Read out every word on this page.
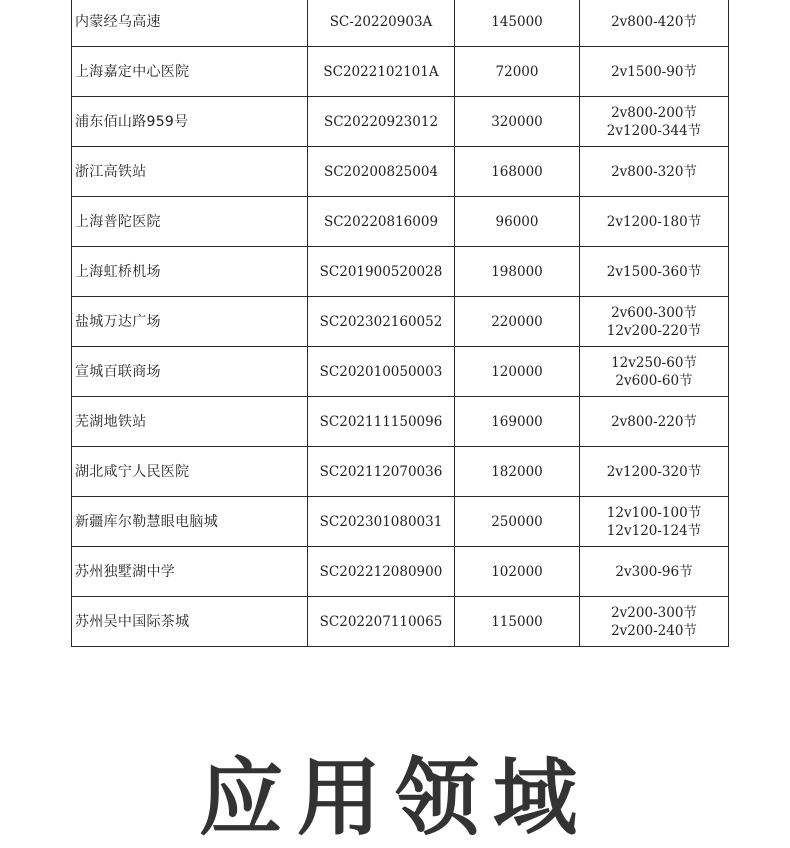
内蒙经乌高速	SC-20220903A	145000	2v800-420节

上海嘉定中心医院	SC2022102101A	72000	2v1500-90节

浦东佰山路959号	SC20220923012	320000	2v800-200节
2v1200-344节

浙江高铁站	SC20200825004	168000	2v800-320节

上海普陀医院	SC20220816009	96000	2v1200-180节

上海虹桥机场	SC201900520028	198000	2v1500-360节

盐城万达广场	SC202302160052	220000	2v600-300节
12v200-220节

宣城百联商场	SC202010050003	120000	12v250-60节
2v600-60节

芜湖地铁站	SC202111150096	169000	2v800-220节

湖北咸宁人民医院	SC202112070036	182000	2v1200-320节

新疆库尔勒慧眼电脑城	SC202301080031	250000	12v100-100节
12v120-124节

苏州独墅湖中学	SC202212080900	102000	2v300-96节

苏州吴中国际茶城	SC202207110065	115000	2v200-300节
2v200-240节
应用领域
